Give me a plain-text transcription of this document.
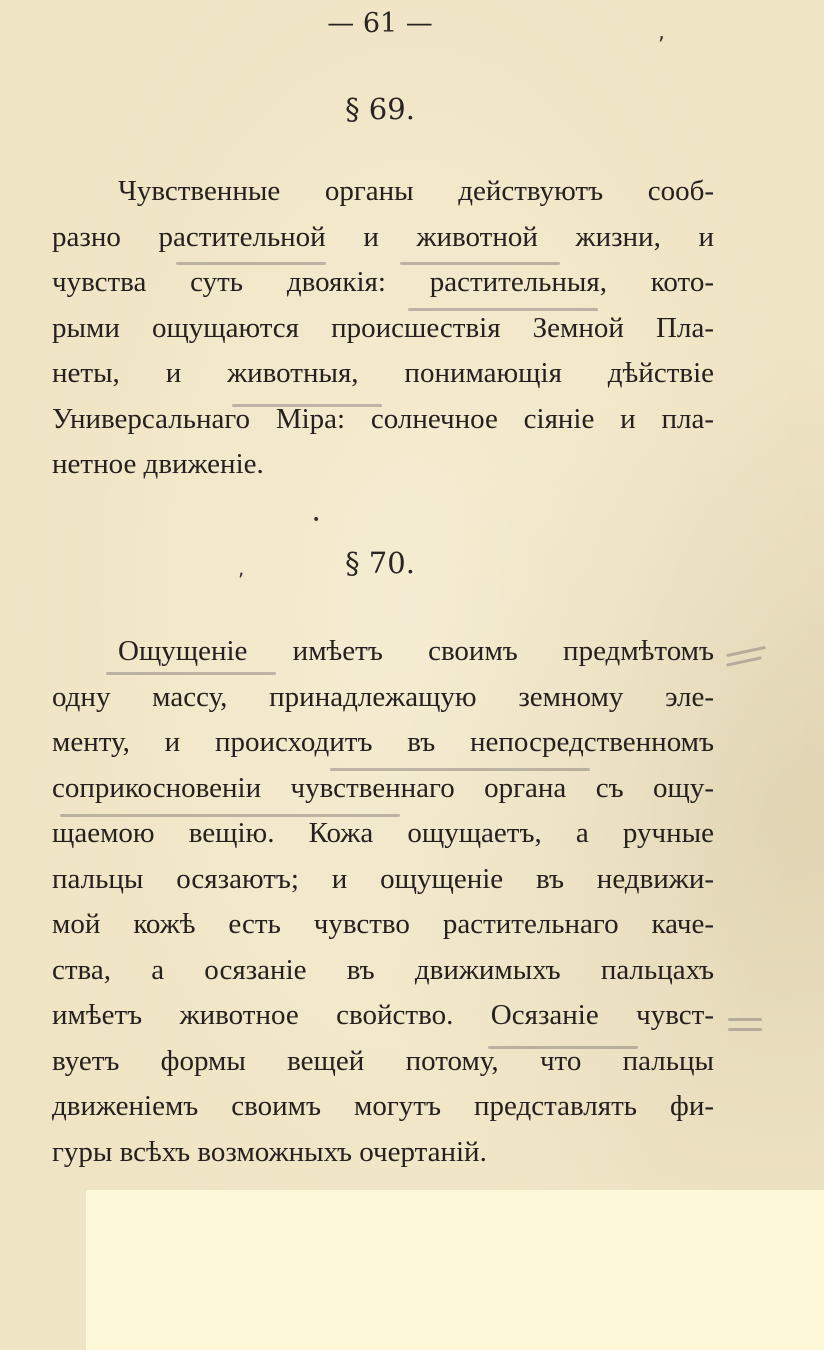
— 61 —	,
§ 69.
Чувственные органы действуютъ сооб-
разно растительной и животной жизни, и
чувства суть двоякія: растительныя, кото-
рыми ощущаются происшествія Земной Пла-
неты, и животныя, понимающія дѣйствіе
Универсальнаго Міра: солнечное сіяніе и пла-
нетное движеніе.
•
,	§ 70.
Ощущеніе имѣетъ своимъ предмѣтомъ
одну массу, принадлежащую земному эле-
менту, и происходитъ въ непосредственномъ
соприкосновеніи чувственнаго органа съ ощу-
щаемою вещію. Кожа ощущаетъ, а ручные
пальцы осязаютъ; и ощущеніе въ недвижи-
мой кожѣ есть чувство растительнаго каче-
ства, а осязаніе въ движимыхъ пальцахъ
имѣетъ животное свойство. Осязаніе чувст-
вуетъ формы вещей потому, что пальцы
движеніемъ своимъ могутъ представлять фи-
гуры всѣхъ возможныхъ очертаній.
